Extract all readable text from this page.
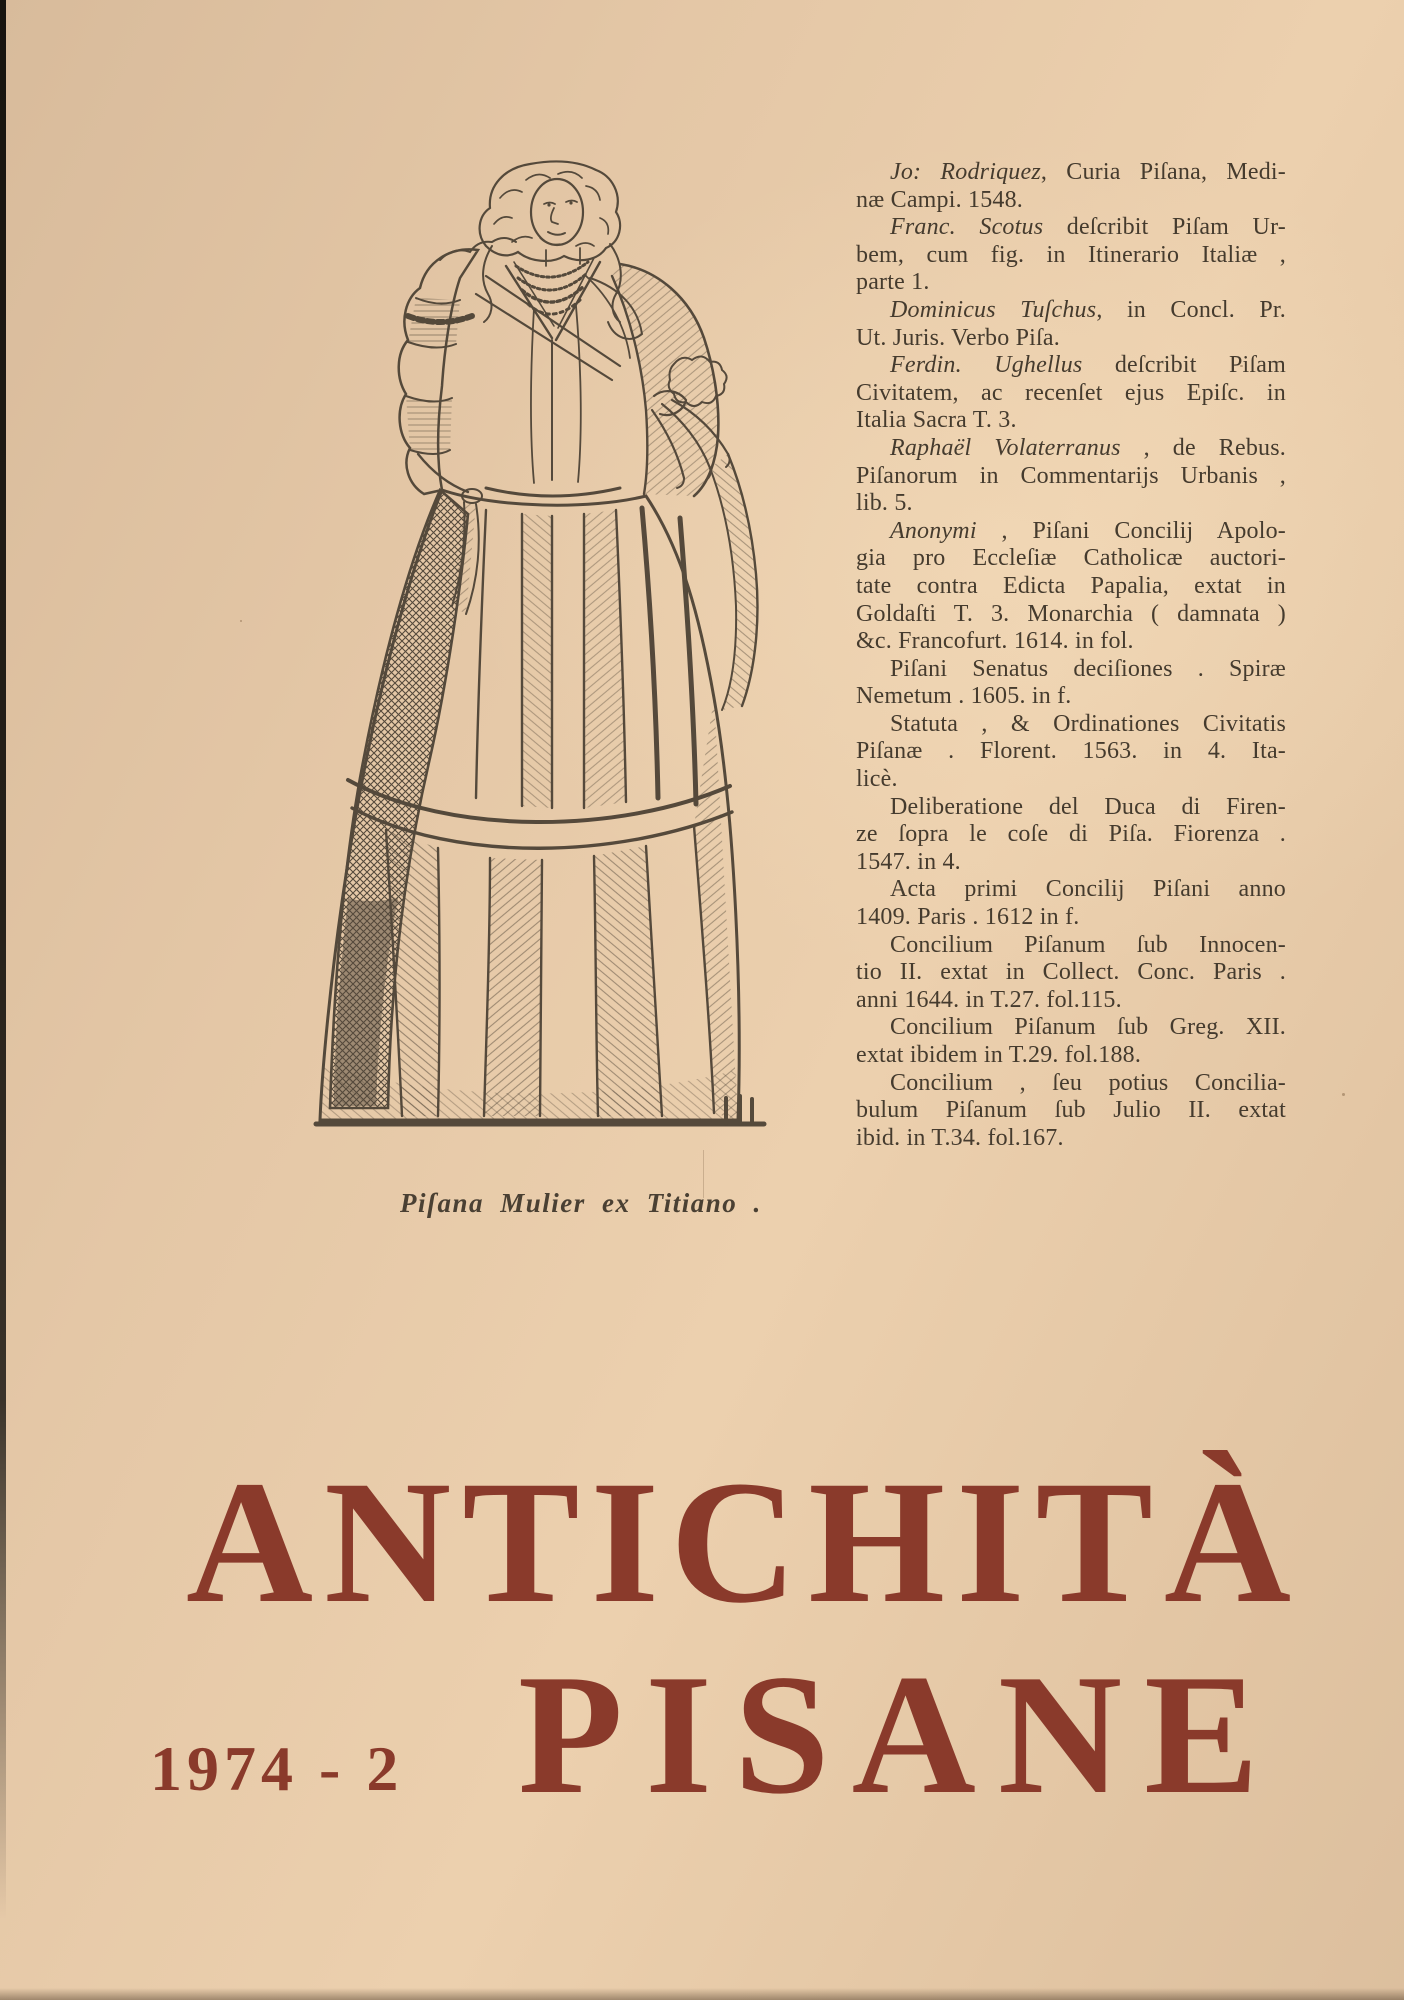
Piſana Mulier ex Titiano .

Jo: Rodriquez, Curia Piſana, Medi-
næ Campi. 1548.

Franc. Scotus deſcribit Piſam Ur-
bem, cum fig. in Itinerario Italiæ ,
parte 1.

Dominicus Tuſchus, in Concl. Pr.
Ut. Juris. Verbo Piſa.

Ferdin. Ughellus deſcribit Piſam
Civitatem, ac recenſet ejus Epiſc. in
Italia Sacra T. 3.

Raphaël Volaterranus , de Rebus.
Piſanorum in Commentarijs Urbanis ,
lib. 5.

Anonymi , Piſani Concilij Apolo-
gia pro Eccleſiæ Catholicæ auctori-
tate contra Edicta Papalia, extat in
Goldaſti T. 3. Monarchia ( damnata )
&c. Francofurt. 1614. in fol.

Piſani Senatus deciſiones . Spiræ
Nemetum . 1605. in f.

Statuta , & Ordinationes Civitatis
Piſanæ . Florent. 1563. in 4. Ita-
licè.

Deliberatione del Duca di Firen-
ze ſopra le coſe di Piſa. Fiorenza .
1547. in 4.

Acta primi Concilij Piſani anno
1409. Paris . 1612 in f.

Concilium Piſanum ſub Innocen-
tio II. extat in Collect. Conc. Paris .
anni 1644. in T.27. fol.115.

Concilium Piſanum ſub Greg. XII.
extat ibidem in T.29. fol.188.

Concilium , ſeu potius Concilia-
bulum Piſanum ſub Julio II. extat
ibid. in T.34. fol.167.

ANTICHITÀ
PISANE
1974 - 2
